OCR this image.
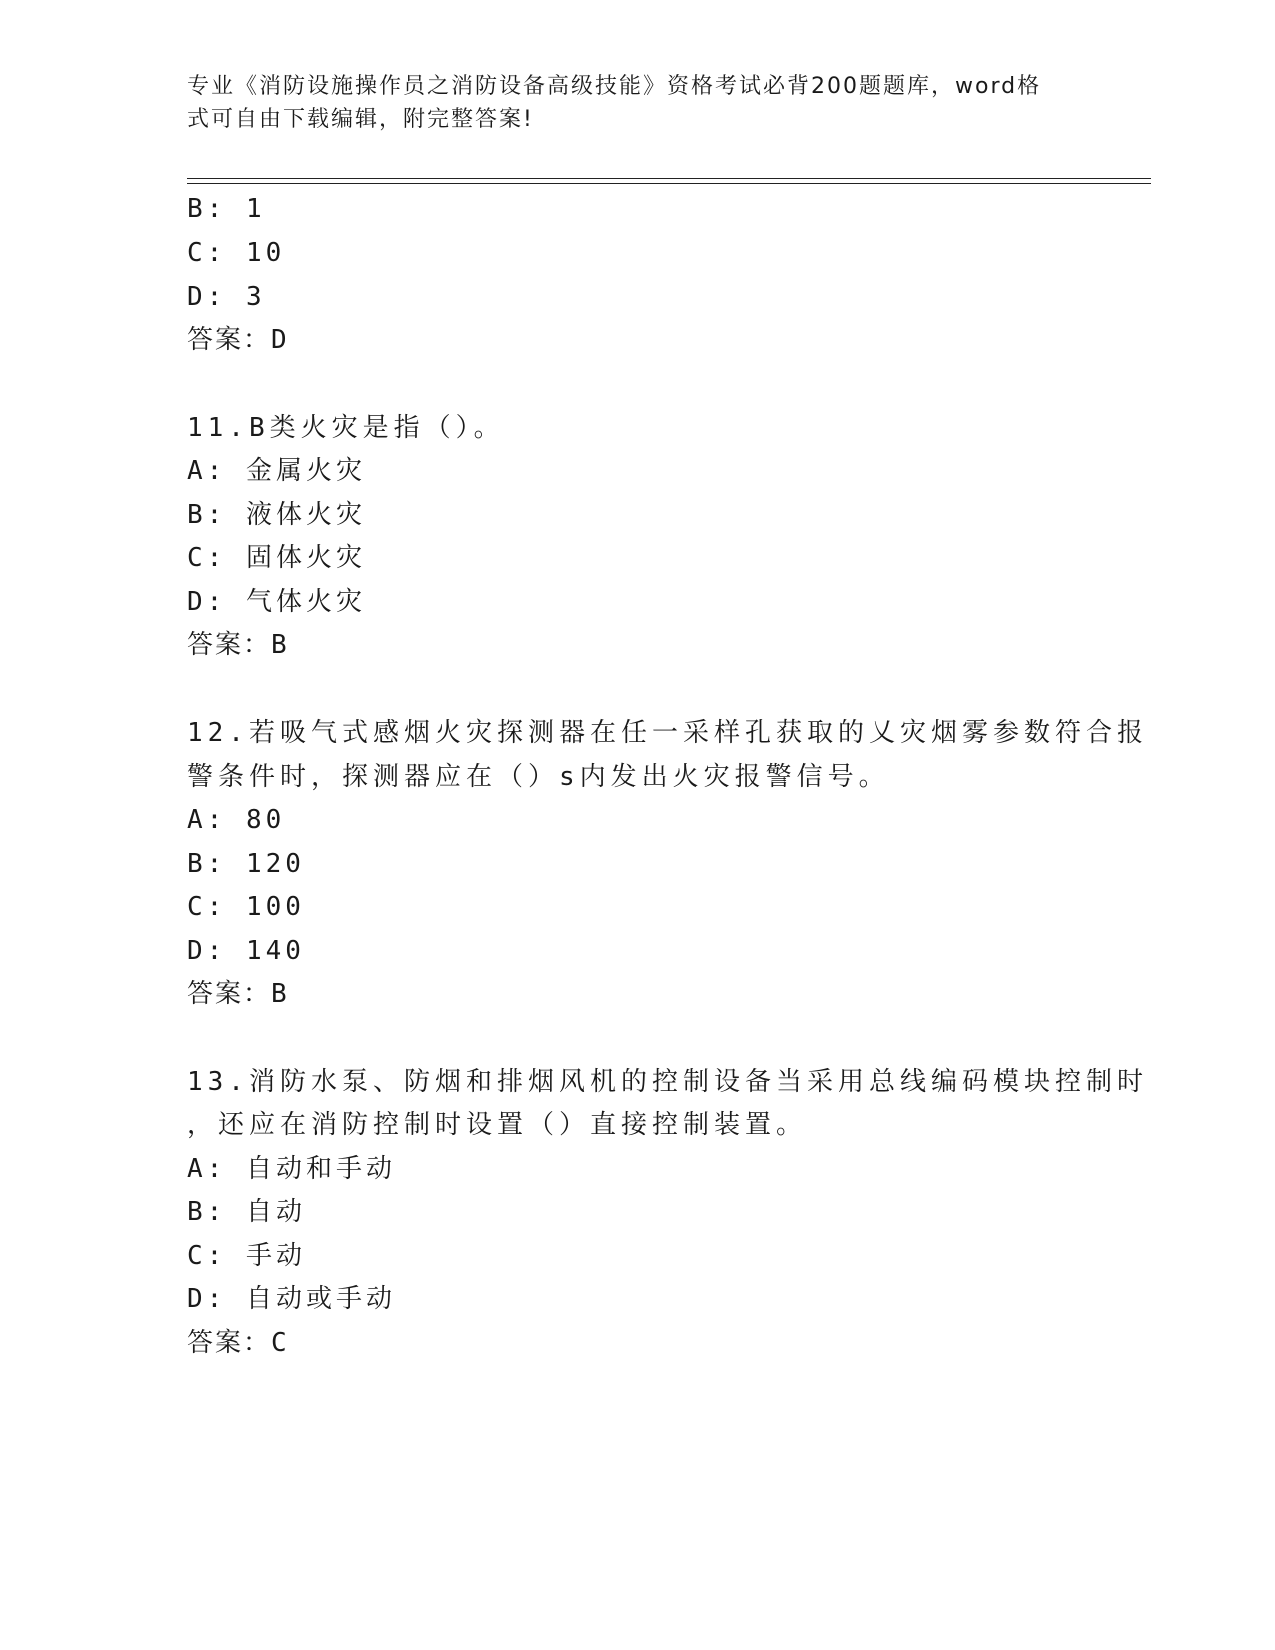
专业《消防设施操作员之消防设备高级技能》资格考试必背200题题库，word格
式可自由下载编辑，附完整答案!
B: 1
C: 10
D: 3
答案：D
11.B类火灾是指（）。
A: 金属火灾
B: 液体火灾
C: 固体火灾
D: 气体火灾
答案：B
12.若吸气式感烟火灾探测器在任一采样孔获取的乂灾烟雾参数符合报
警条件时，探测器应在（）s内发出火灾报警信号。
A: 80
B: 120
C: 100
D: 140
答案：B
13.消防水泵、防烟和排烟风机的控制设备当采用总线编码模块控制时
，还应在消防控制时设置（）直接控制装置。
A: 自动和手动
B: 自动
C: 手动
D: 自动或手动
答案：C
